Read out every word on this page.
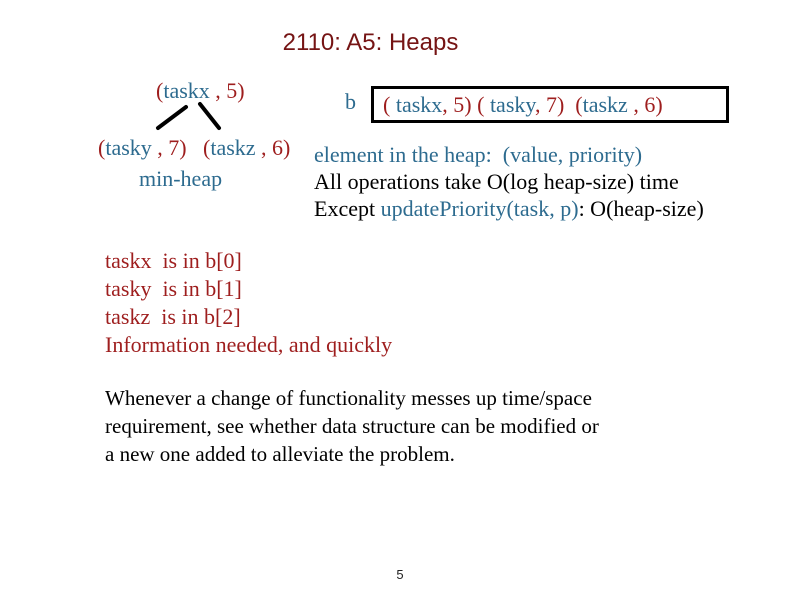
2110: A5: Heaps
(taskx , 5)
(tasky , 7) (taskz , 6)
min-heap
b ( taskx, 5) ( tasky, 7) (taskz , 6)
element in the heap:  (value, priority)
All operations take O(log heap-size) time
Except updatePriority(task, p): O(heap-size)
taskx  is in b[0]
tasky  is in b[1]
taskz  is in b[2]
Information needed, and quickly
Whenever a change of functionality messes up time/space
requirement, see whether data structure can be modified or
a new one added to alleviate the problem.
5
